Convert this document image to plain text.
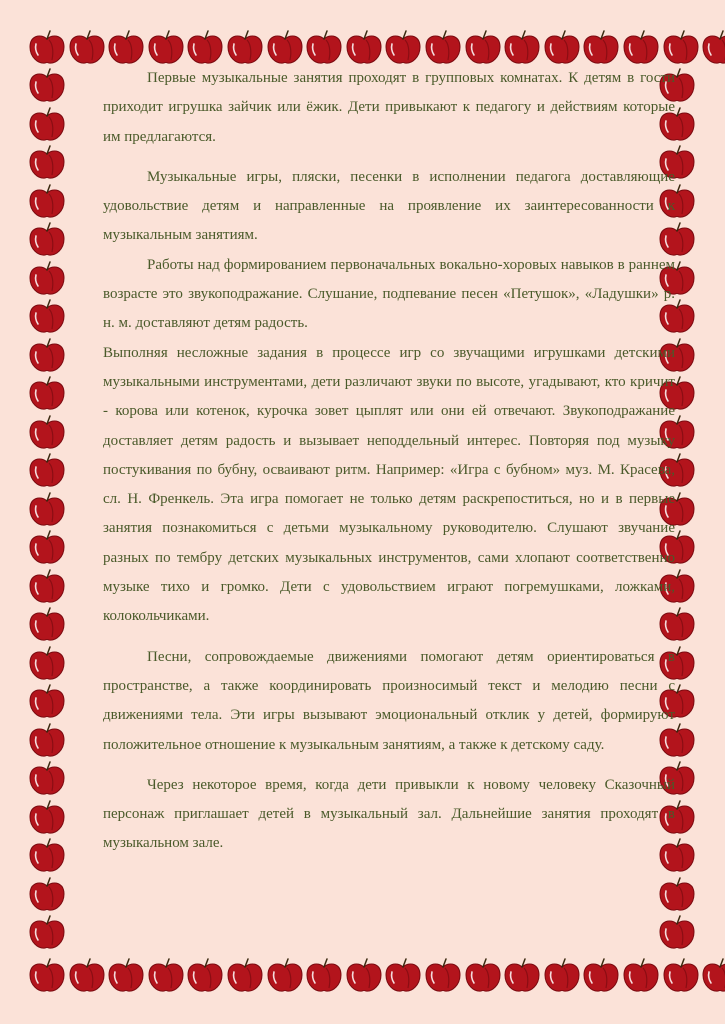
Первые музыкальные занятия проходят в групповых комнатах. К детям в гости приходит игрушка зайчик или ёжик. Дети привыкают к педагогу и действиям которые им предлагаются.

Музыкальные игры, пляски, песенки в исполнении педагога доставляющие удовольствие детям и направленные на проявление их заинтересованности к музыкальным занятиям.

Работы над формированием первоначальных вокально-хоровых навыков в раннем возрасте это звукоподражание. Слушание, подпевание песен «Петушок», «Ладушки» р. н. м. доставляют детям радость.

Выполняя несложные задания в процессе игр со звучащими игрушками детскими музыкальными инструментами, дети различают звуки по высоте, угадывают, кто кричит - корова или котенок, курочка зовет цыплят или они ей отвечают. Звукоподражание доставляет детям радость и вызывает неподдельный интерес. Повторяя под музыку постукивания по бубну, осваивают ритм. Например: «Игра с бубном» муз. М. Красева, сл. Н. Френкель. Эта игра помогает не только детям раскрепоститься, но и в первые занятия познакомиться с детьми музыкальному руководителю. Слушают звучание разных по тембру детских музыкальных инструментов, сами хлопают соответственно музыке тихо и громко. Дети с удовольствием играют погремушками, ложками, колокольчиками.

Песни, сопровождаемые движениями помогают детям ориентироваться в пространстве, а также координировать произносимый текст и мелодию песни с движениями тела. Эти игры вызывают эмоциональный отклик у детей, формируют положительное отношение к музыкальным занятиям, а также к детскому саду.

Через некоторое время, когда дети привыкли к новому человеку Сказочный персонаж приглашает детей в музыкальный зал. Дальнейшие занятия проходят в музыкальном зале.
